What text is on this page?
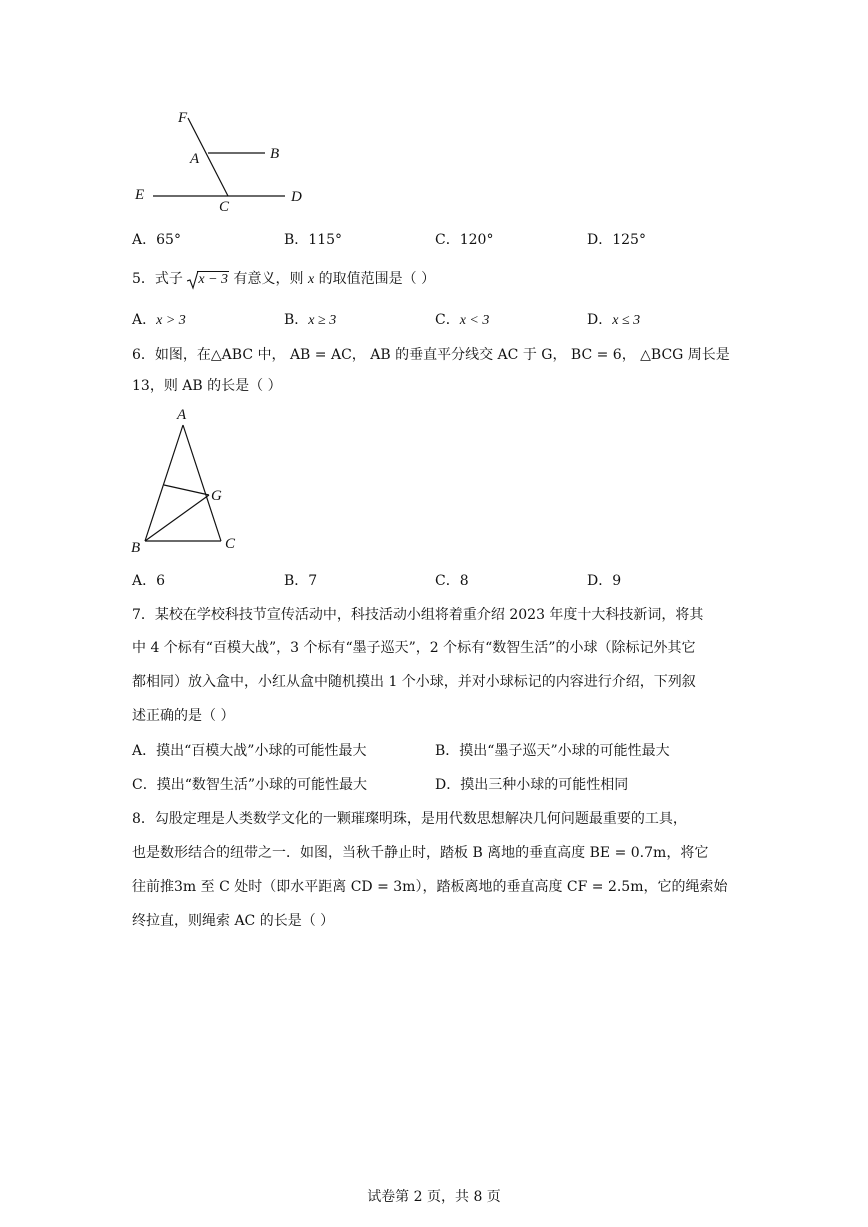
F
A	B
E
C
D
A．65°	B．115°	C．120°	D．125°
5．式子 x − 3 有意义，则 x 的取值范围是（ ）
A．x > 3	B．x ≥ 3	C．x < 3	D．x ≤ 3
6．如图，在△ABC 中， AB = AC， AB 的垂直平分线交 AC 于 G， BC = 6， △BCG 周长是
13，则 AB 的长是（ ）
A
G
B	C
A．6	B．7	C．8	D．9
7．某校在学校科技节宣传活动中，科技活动小组将着重介绍 2023 年度十大科技新词，将其
中 4 个标有“百模大战”，3 个标有“墨子巡天”，2 个标有“数智生活”的小球（除标记外其它
都相同）放入盒中，小红从盒中随机摸出 1 个小球，并对小球标记的内容进行介绍，下列叙
述正确的是（ ）
A．摸出“百模大战”小球的可能性最大	B．摸出“墨子巡天”小球的可能性最大
C．摸出“数智生活”小球的可能性最大	D．摸出三种小球的可能性相同
8．勾股定理是人类数学文化的一颗璀璨明珠，是用代数思想解决几何问题最重要的工具，
也是数形结合的纽带之一．如图，当秋千静止时，踏板 B 离地的垂直高度 BE = 0.7m，将它
往前推3m 至 C 处时（即水平距离 CD = 3m），踏板离地的垂直高度 CF = 2.5m，它的绳索始
终拉直，则绳索 AC 的长是（ ）
试卷第 2 页，共 8 页
